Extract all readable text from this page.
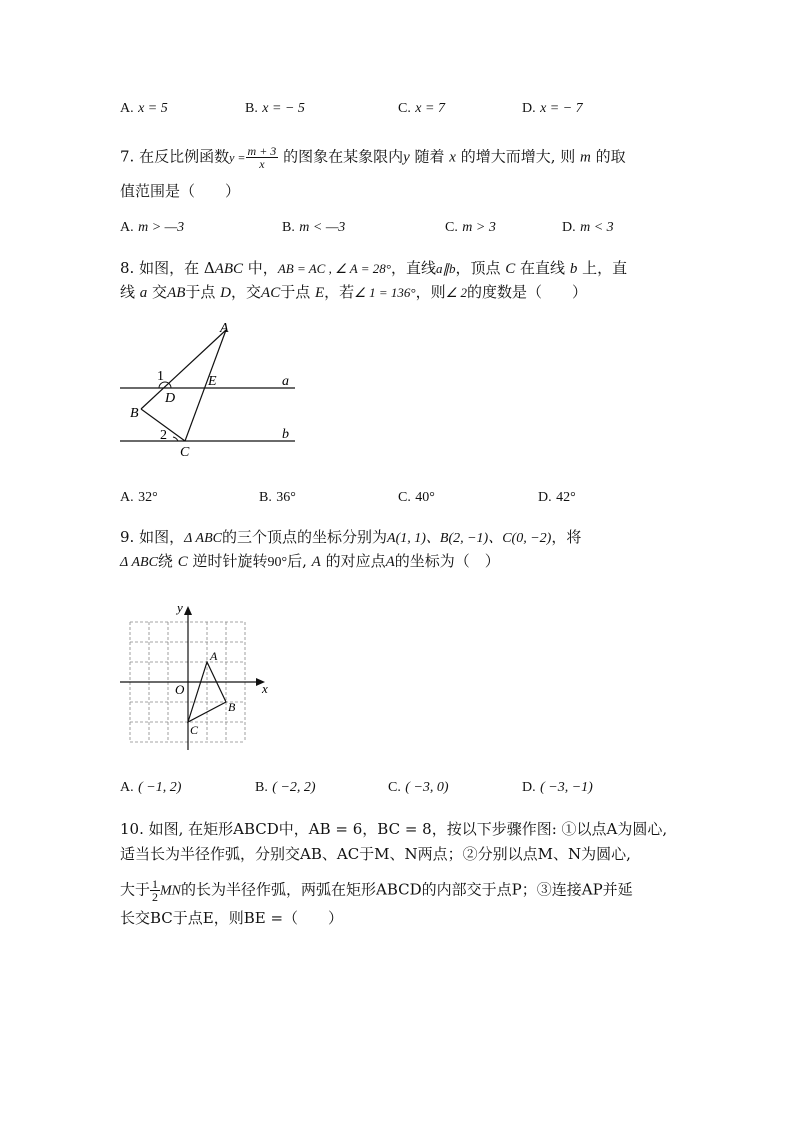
A. x = 5	B. x = − 5	C. x = 7	D. x = − 7
7. 在反比例函数$y = \frac{m + 3}{x}$ 的图象在某象限内y 随着 x 的增大而增大, 则 m 的取
值范围是（　　）
A. m > —3	B. m < —3	C. m > 3	D. m < 3
8. 如图，在 ΔABC 中，AB = AC , ∠ A = 28°，直线a∥b，顶点 C 在直线 b 上，直
线 a 交AB于点 D，交AC于点 E，若∠ 1 = 136°，则∠ 2的度数是（　　）
A
B
C
D
E
1
2
a
b
A. 32°	B. 36°	C. 40°	D. 42°
9. 如图，Δ ABC的三个顶点的坐标分别为A(1, 1)、B(2, −1)、C(0, −2)，将
Δ ABC绕 C 逆时针旋转90°后, A 的对应点A的坐标为（　）
x
y
O
A
B
C
A. ( −1, 2)	B. ( −2, 2)	C. ( −3, 0)	D. ( −3, −1)
10. 如图, 在矩形ABCD中，AB = 6，BC = 8，按以下步骤作图: ①以点A为圆心,
适当长为半径作弧，分别交AB、AC于M、N两点；②分别以点M、N为圆心,
大于 $\frac{1}{2}$ MN的长为半径作弧，两弧在矩形ABCD的内部交于点P；③连接AP并延
长交BC于点E，则BE =（　　）
